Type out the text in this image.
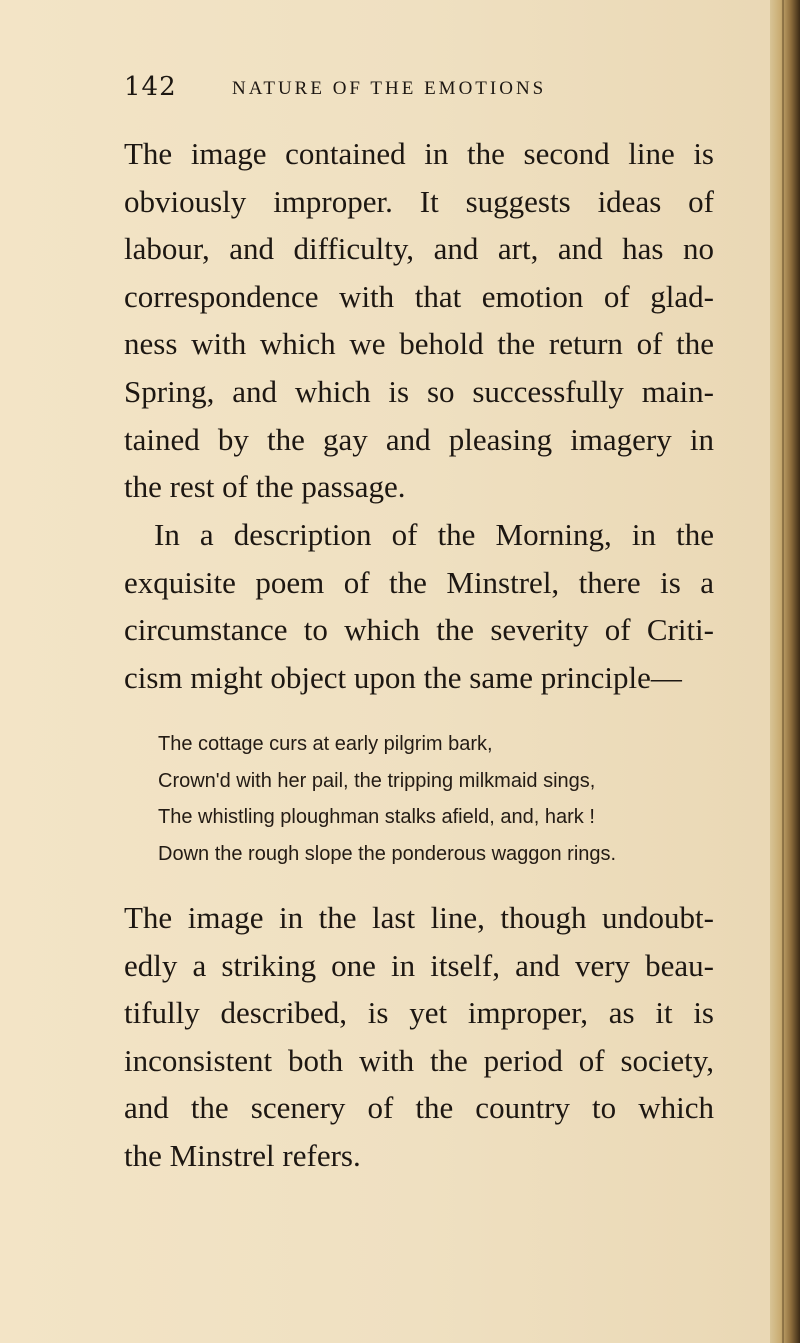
142	NATURE OF THE EMOTIONS
The image contained in the second line is
obviously improper. It suggests ideas of
labour, and difficulty, and art, and has no
correspondence with that emotion of glad-
ness with which we behold the return of the
Spring, and which is so successfully main-
tained by the gay and pleasing imagery in
the rest of the passage.
In a description of the Morning, in the
exquisite poem of the Minstrel, there is a
circumstance to which the severity of Criti-
cism might object upon the same principle—
The cottage curs at early pilgrim bark,
Crown'd with her pail, the tripping milkmaid sings,
The whistling ploughman stalks afield, and, hark !
Down the rough slope the ponderous waggon rings.
The image in the last line, though undoubt-
edly a striking one in itself, and very beau-
tifully described, is yet improper, as it is
inconsistent both with the period of society,
and the scenery of the country to which
the Minstrel refers.
